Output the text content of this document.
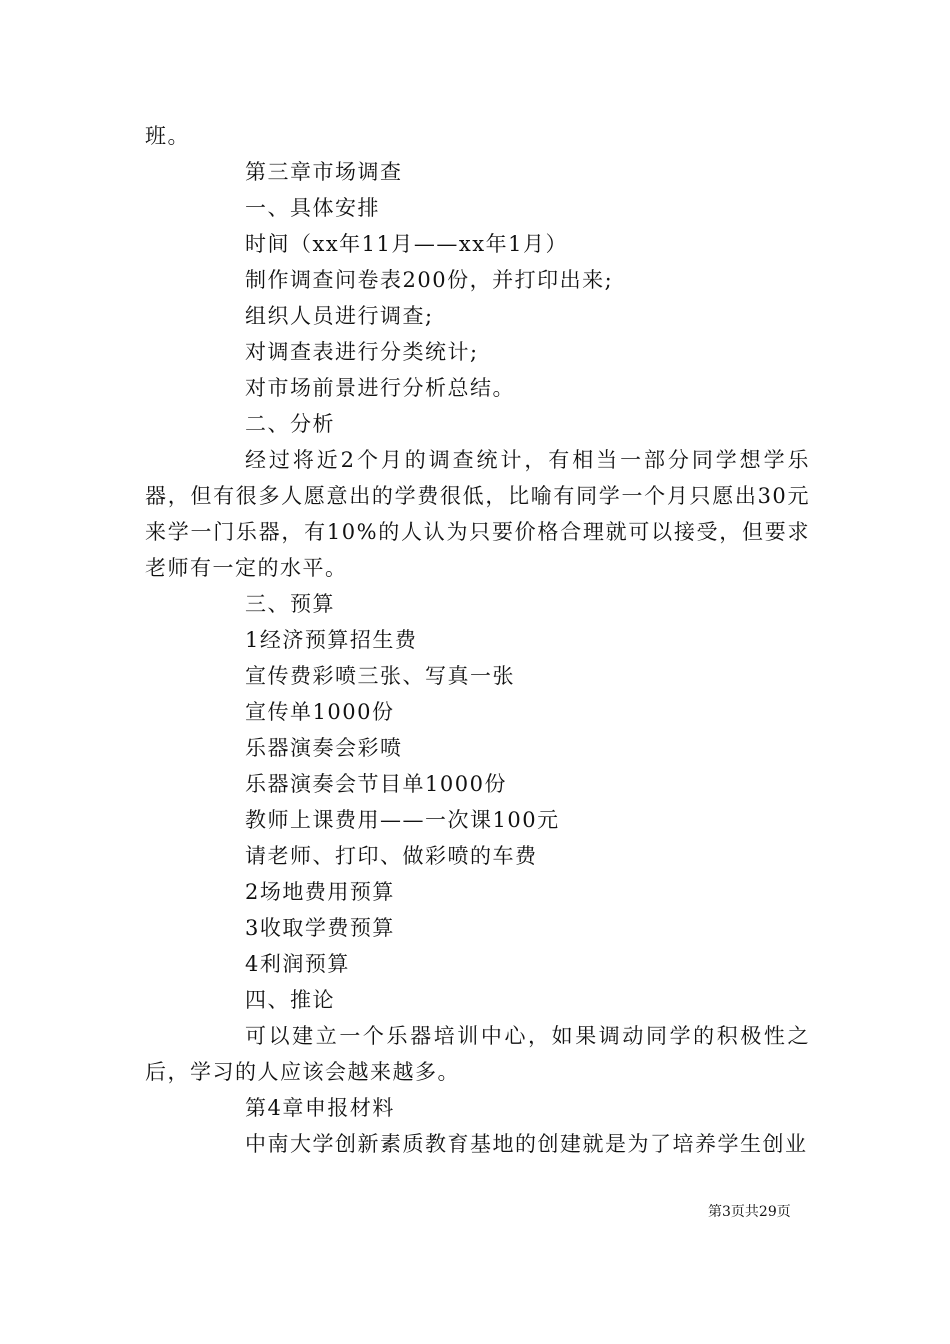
班。
第三章市场调查
一、具体安排
时间（xx年11月——xx年1月）
制作调查问卷表200份，并打印出来;
组织人员进行调查;
对调查表进行分类统计;
对市场前景进行分析总结。
二、分析
经过将近2个月的调查统计，有相当一部分同学想学乐器，但有很多人愿意出的学费很低，比喻有同学一个月只愿出30元来学一门乐器，有10%的人认为只要价格合理就可以接受，但要求老师有一定的水平。
三、预算
1经济预算招生费
宣传费彩喷三张、写真一张
宣传单1000份
乐器演奏会彩喷
乐器演奏会节目单1000份
教师上课费用——一次课100元
请老师、打印、做彩喷的车费
2场地费用预算
3收取学费预算
4利润预算
四、推论
可以建立一个乐器培训中心，如果调动同学的积极性之后，学习的人应该会越来越多。
第4章申报材料
中南大学创新素质教育基地的创建就是为了培养学生创业
第3页共29页
